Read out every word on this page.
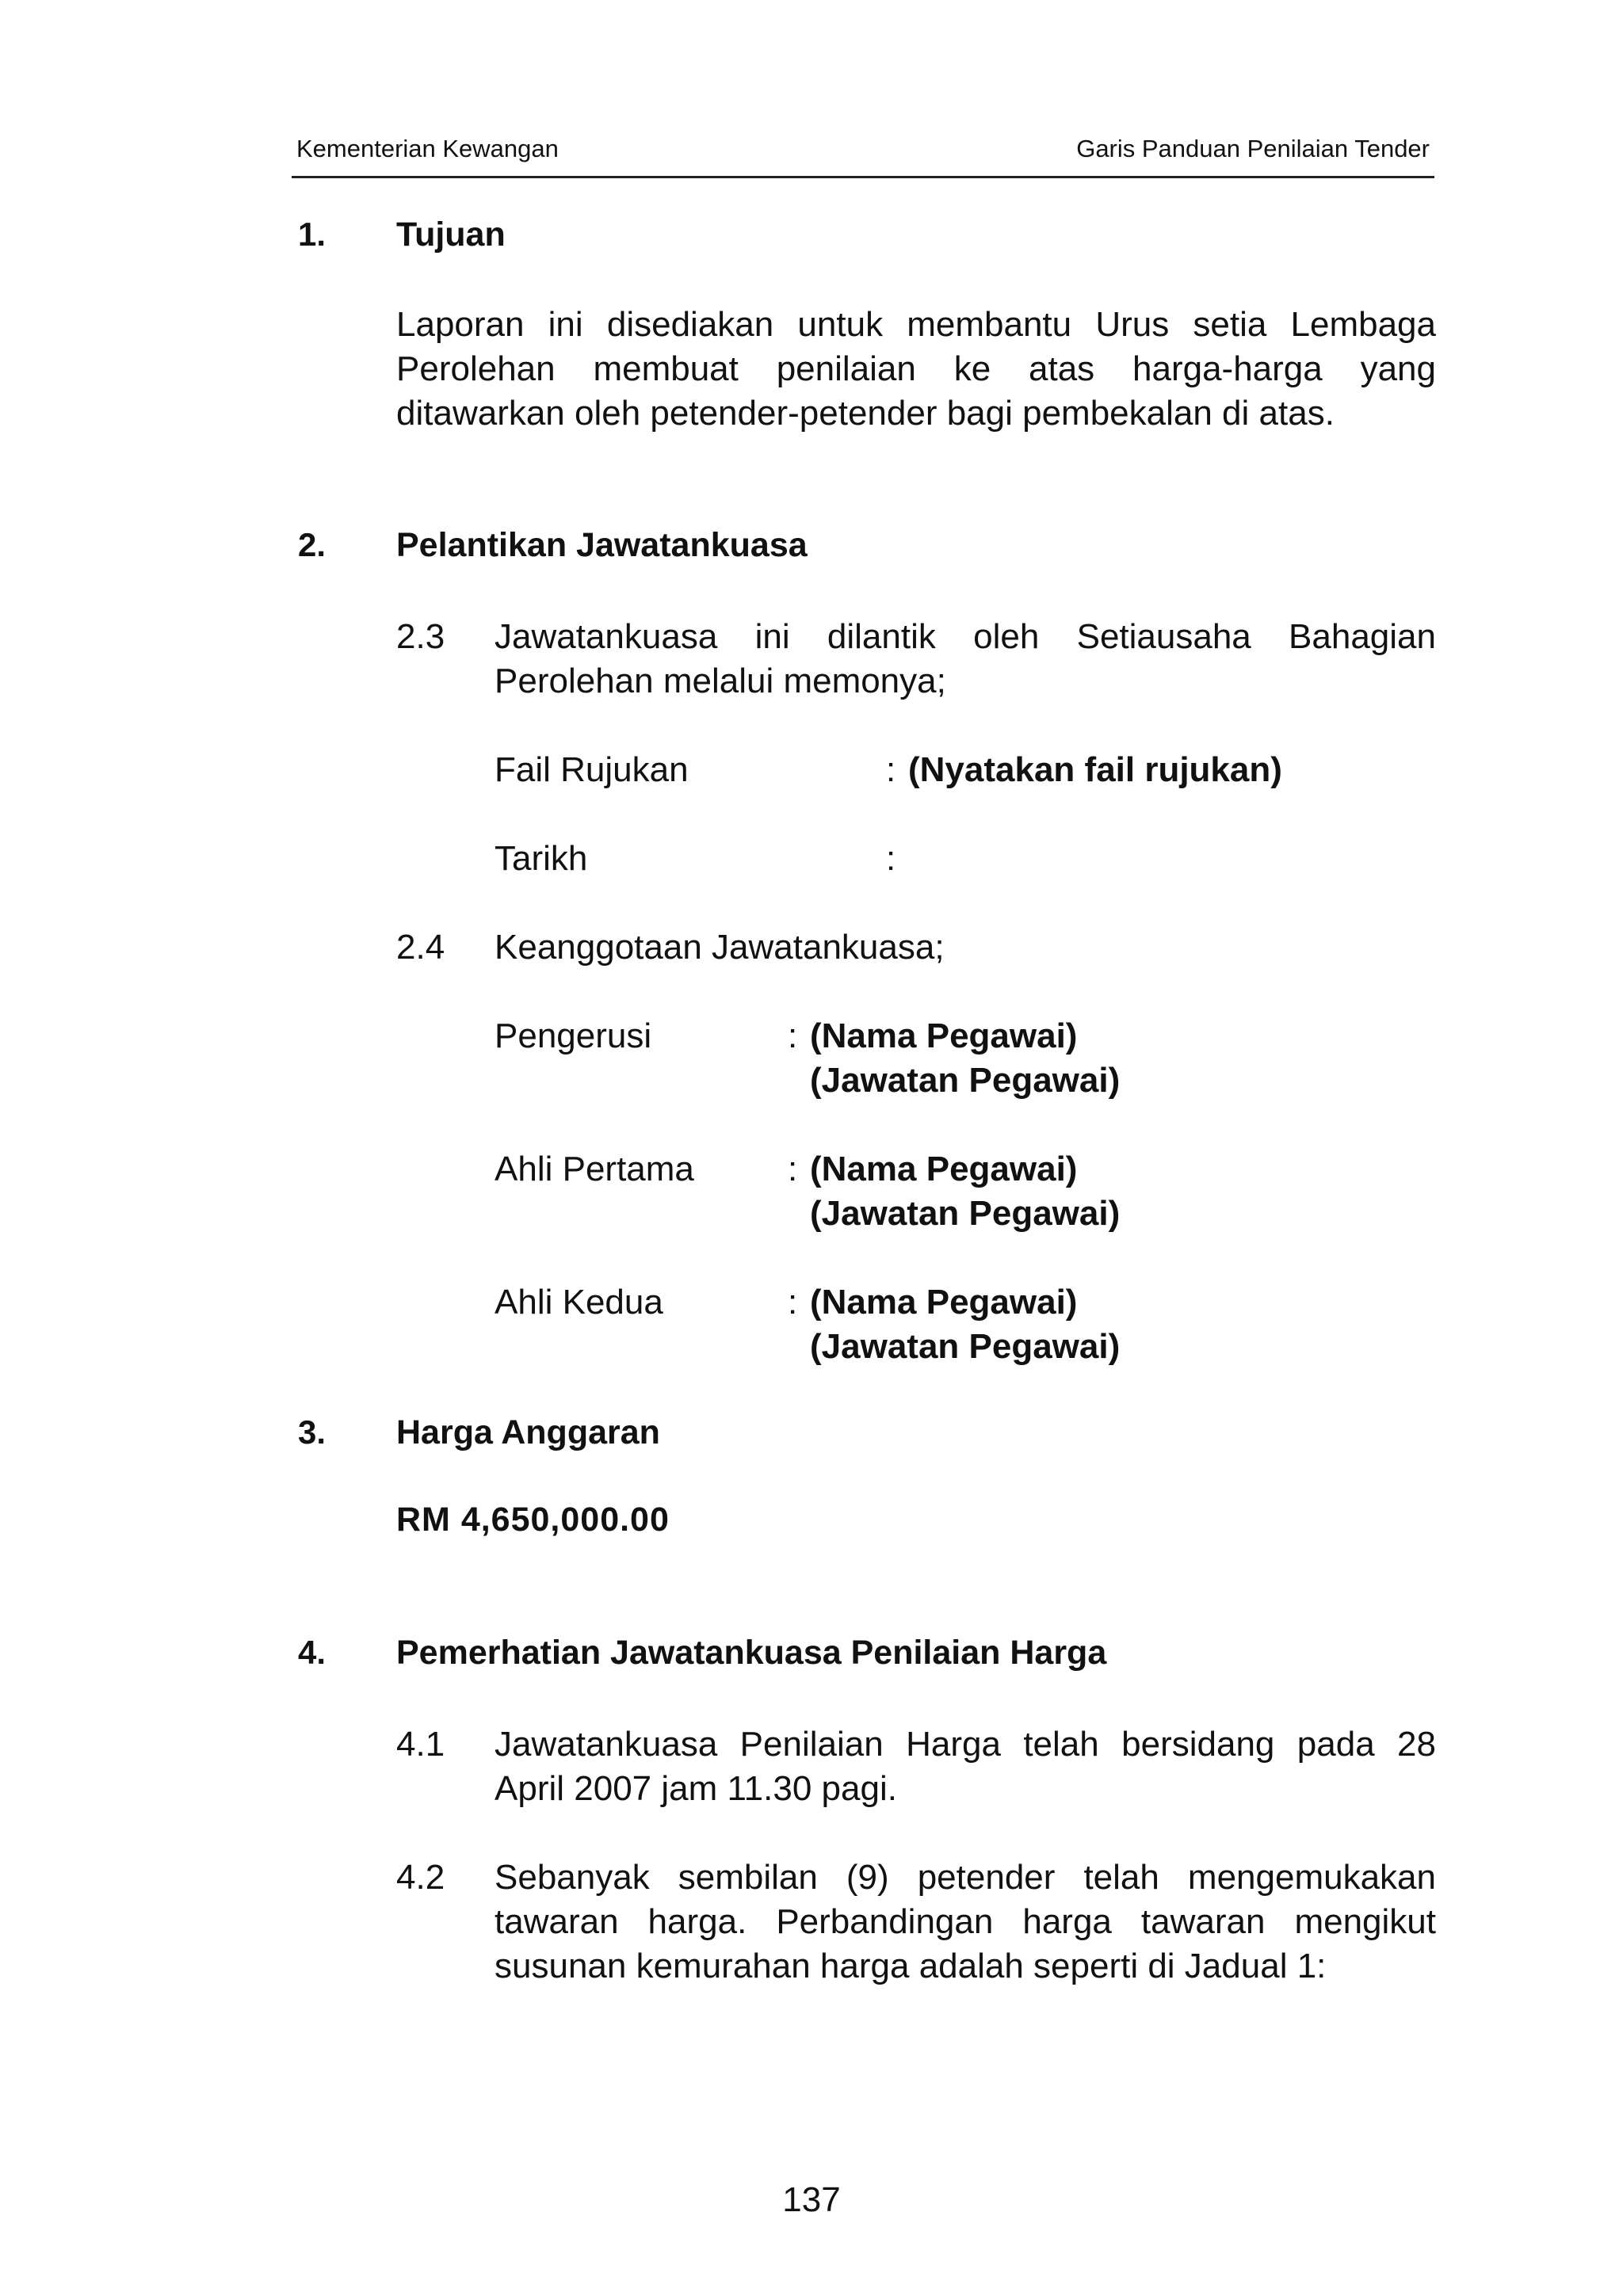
Kementerian Kewangan	Garis Panduan Penilaian Tender
1. Tujuan
Laporan ini disediakan untuk membantu Urus setia Lembaga Perolehan membuat penilaian ke atas harga-harga yang ditawarkan oleh petender-petender bagi pembekalan di atas.
2. Pelantikan Jawatankuasa
2.3 Jawatankuasa ini dilantik oleh Setiausaha Bahagian Perolehan melalui memonya;
Fail Rujukan	: (Nyatakan fail rujukan)
Tarikh	:
2.4 Keanggotaan Jawatankuasa;
Pengerusi	: (Nama Pegawai)
(Jawatan Pegawai)
Ahli Pertama	: (Nama Pegawai)
(Jawatan Pegawai)
Ahli Kedua	: (Nama Pegawai)
(Jawatan Pegawai)
3. Harga Anggaran
RM 4,650,000.00
4. Pemerhatian Jawatankuasa Penilaian Harga
4.1 Jawatankuasa Penilaian Harga telah bersidang pada 28 April 2007 jam 11.30 pagi.
4.2 Sebanyak sembilan (9) petender telah mengemukakan tawaran harga. Perbandingan harga tawaran mengikut susunan kemurahan harga adalah seperti di Jadual 1:
137
